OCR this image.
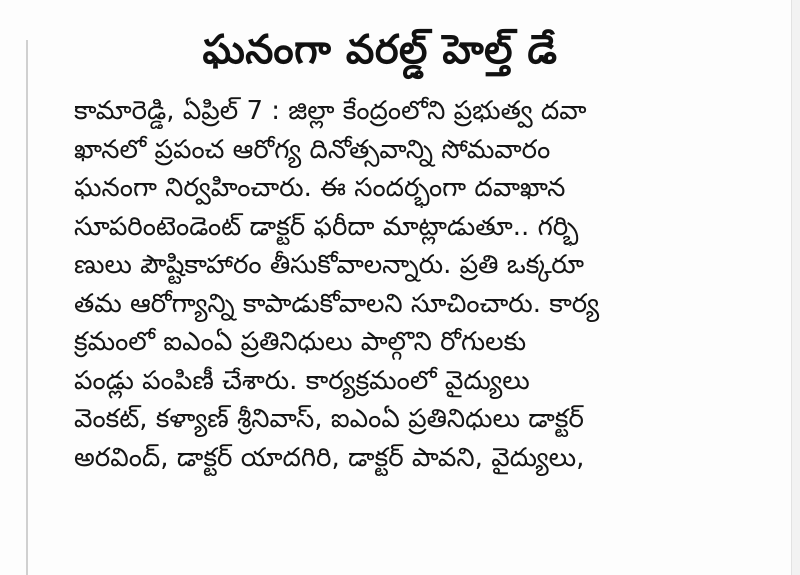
ఘనంగా వరల్డ్ హెల్త్ డే
కామారెడ్డి, ఏప్రిల్ 7 : జిల్లా కేంద్రంలోని ప్రభుత్వ దవా
ఖానలో ప్రపంచ ఆరోగ్య దినోత్సవాన్ని సోమవారం
ఘనంగా నిర్వహించారు. ఈ సందర్భంగా దవాఖాన
సూపరింటెండెంట్ డాక్టర్ ఫరీదా మాట్లాడుతూ.. గర్భి
ణులు పౌష్టికాహారం తీసుకోవాలన్నారు. ప్రతి ఒక్కరూ
తమ ఆరోగ్యాన్ని కాపాడుకోవాలని సూచించారు. కార్య
క్రమంలో ఐఎంఏ ప్రతినిధులు పాల్గొని రోగులకు
పండ్లు పంపిణీ చేశారు. కార్యక్రమంలో వైద్యులు
వెంకట్, కళ్యాణ్ శ్రీనివాస్, ఐఎంఏ ప్రతినిధులు డాక్టర్
అరవింద్, డాక్టర్ యాదగిరి, డాక్టర్ పావని, వైద్యులు,
